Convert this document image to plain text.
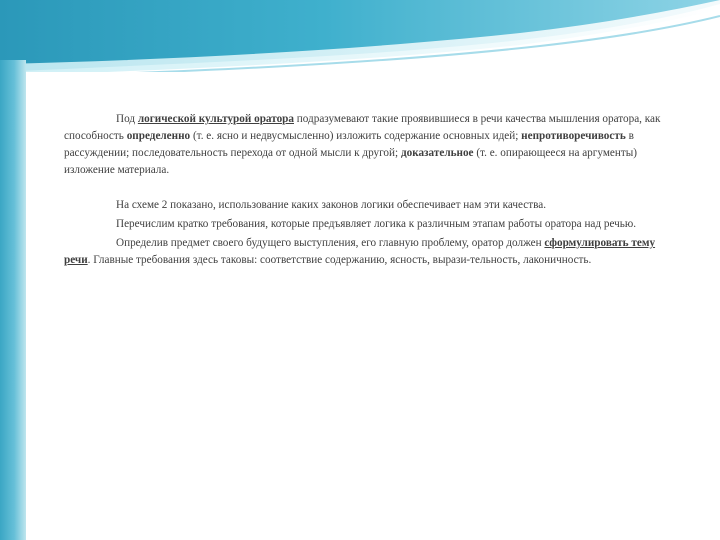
Под логической культурой оратора подразумевают такие проявившиеся в речи качества мышления оратора, как способность определенно (т. е. ясно и недвусмысленно) изложить содержание основных идей; непротиворечивость в рассуждении; последовательность перехода от одной мысли к другой; доказательное (т. е. опирающееся на аргументы) изложение материала.

На схеме 2 показано, использование каких законов логики обеспечивает нам эти качества.

Перечислим кратко требования, которые предъявляет логика к различным этапам работы оратора над речью.

Определив предмет своего будущего выступления, его главную проблему, оратор должен сформулировать тему речи. Главные требования здесь таковы: соответствие содержанию, ясность, вырази-тельность, лаконичность.
